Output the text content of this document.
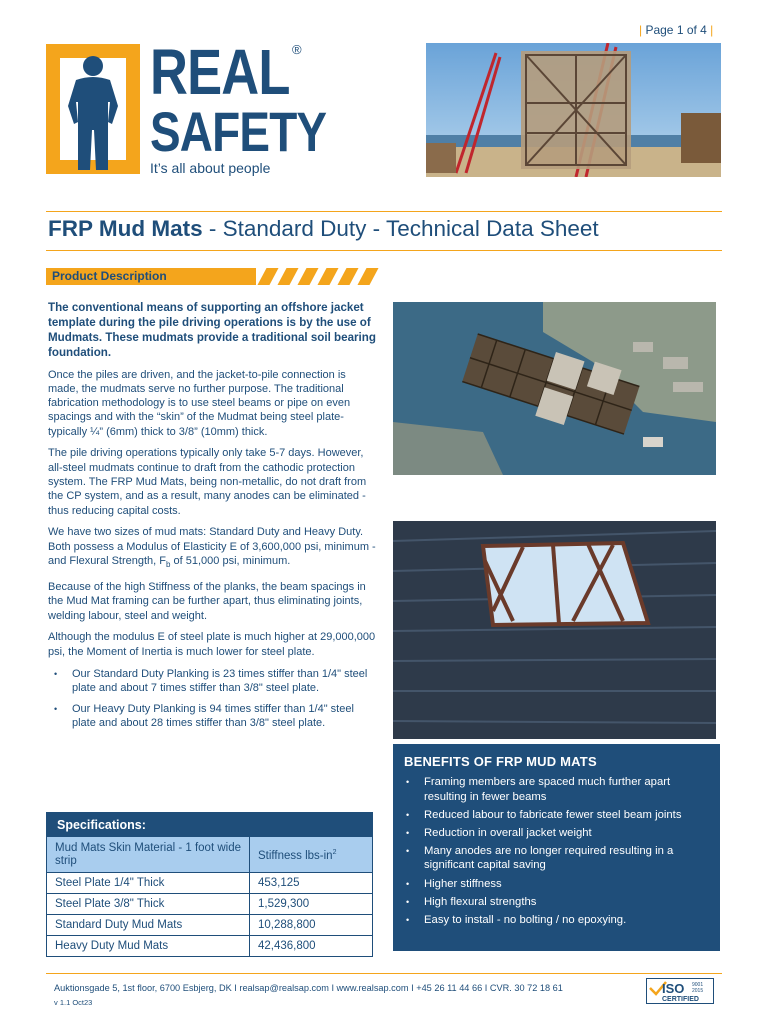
| Page 1 of 4 |
REAL ®
SAFETY
It’s all about people
FRP Mud Mats - Standard Duty - Technical Data Sheet
Product Description

The conventional means of supporting an offshore jacket template during the pile driving operations is by the use of Mudmats. These mudmats provide a traditional soil bearing foundation.

Once the piles are driven, and the jacket-to-pile connection is made, the mudmats serve no further purpose. The traditional fabrication methodology is to use steel beams or pipe on even spacings and with the “skin” of the Mudmat being steel plate-typically ¼” (6mm) thick to 3/8” (10mm) thick.

The pile driving operations typically only take 5-7 days. However, all-steel mudmats continue to draft from the cathodic protection system. The FRP Mud Mats, being non-metallic, do not draft from the CP system, and as a result, many anodes can be eliminated - thus reducing capital costs.

We have two sizes of mud mats: Standard Duty and Heavy Duty. Both possess a Modulus of Elasticity E of 3,600,000 psi, minimum - and Flexural Strength, $F_b$ of 51,000 psi, minimum.

Because of the high Stiffness of the planks, the beam spacings in the Mud Mat framing can be further apart, thus eliminating joints, welding labour, steel and weight.

Although the modulus E of steel plate is much higher at 29,000,000 psi, the Moment of Inertia is much lower for steel plate.

• Our Standard Duty Planking is 23 times stiffer than 1/4" steel plate and about 7 times stiffer than 3/8" steel plate.
• Our Heavy Duty Planking is 94 times stiffer than 1/4" steel plate and about 28 times stiffer than 3/8" steel plate.
Specifications:	
Mud Mats Skin Material - 1 foot wide strip	Stiffness lbs-$in^2$
Steel Plate 1/4" Thick	453,125
Steel Plate 3/8" Thick	1,529,300
Standard Duty Mud Mats	10,288,800
Heavy Duty Mud Mats	42,436,800
BENEFITS OF FRP MUD MATS
• Framing members are spaced much further apart resulting in fewer beams
• Reduced labour to fabricate fewer steel beam joints
• Reduction in overall jacket weight
• Many anodes are no longer required resulting in a significant capital saving
• Higher stiffness
• High flexural strengths
• Easy to install - no bolting / no epoxying.
Auktionsgade 5, 1st floor, 6700 Esbjerg, DK I realsap@realsap.com I www.realsap.com I +45 26 11 44 66 I CVR. 30 72 18 61
v 1.1 Oct23
ISO 9001
2015
CERTIFIED
